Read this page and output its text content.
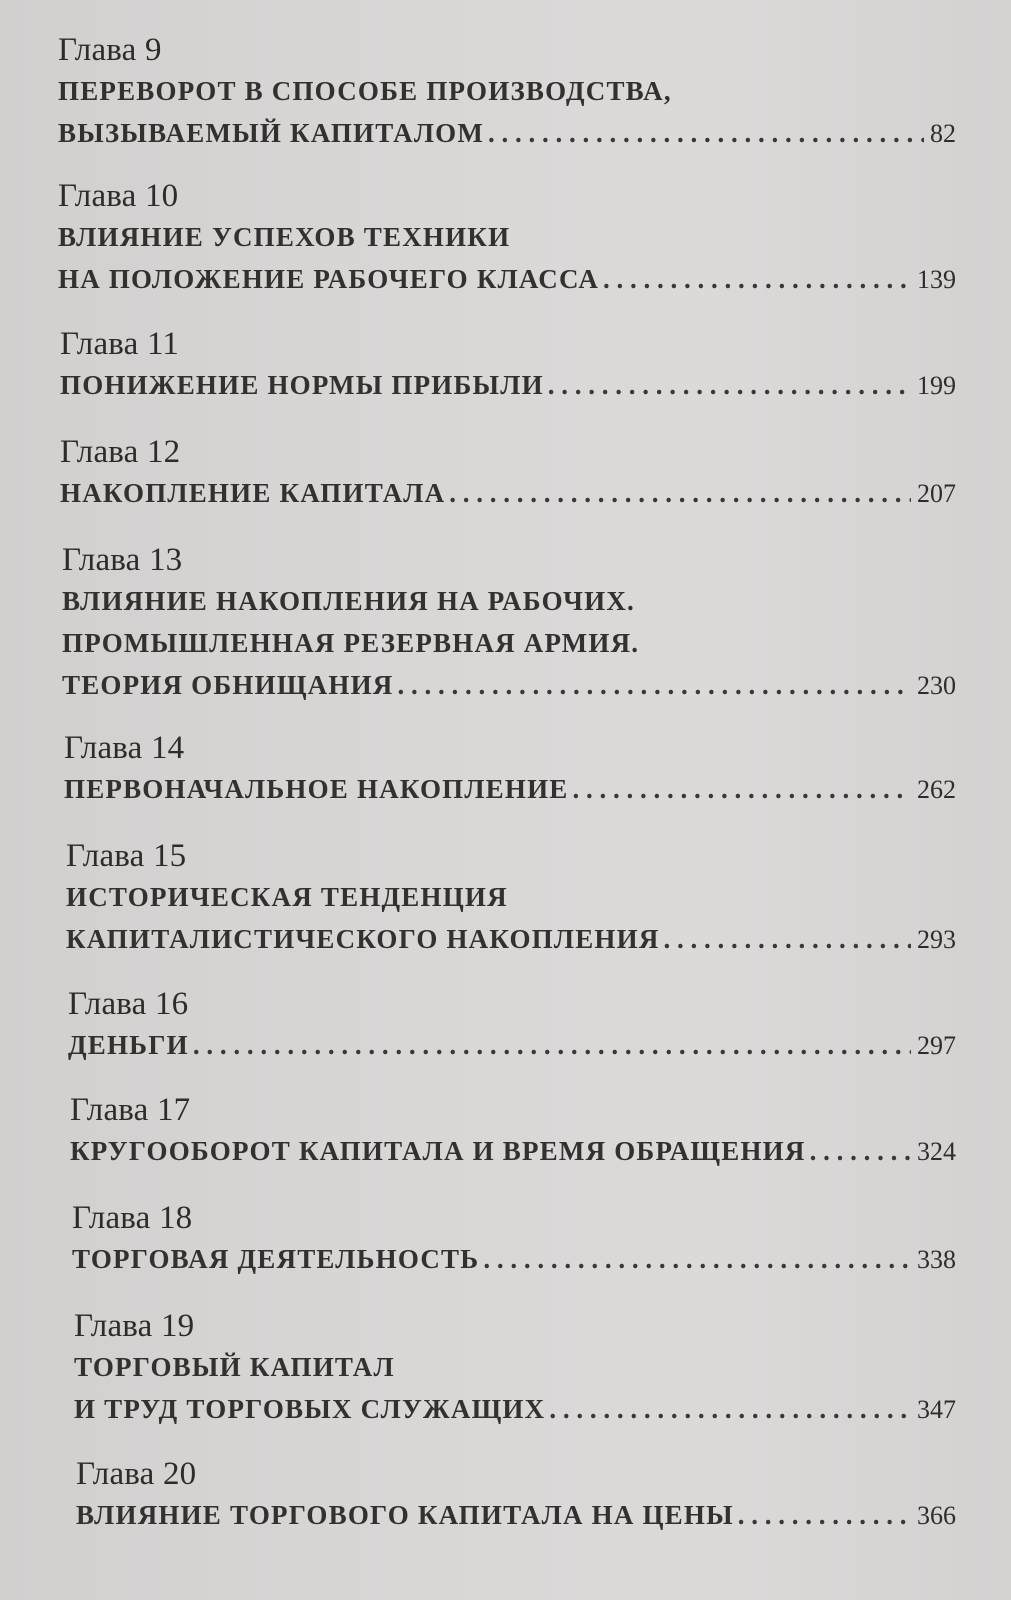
Глава 9
ПЕРЕВОРОТ В СПОСОБЕ ПРОИЗВОДСТВА,
ВЫЗЫВАЕМЫЙ КАПИТАЛОМ . . .	82
Глава 10
ВЛИЯНИЕ УСПЕХОВ ТЕХНИКИ
НА ПОЛОЖЕНИЕ РАБОЧЕГО КЛАССА . . .	139
Глава 11
ПОНИЖЕНИЕ НОРМЫ ПРИБЫЛИ . . .	199
Глава 12
НАКОПЛЕНИЕ КАПИТАЛА . . .	207
Глава 13
ВЛИЯНИЕ НАКОПЛЕНИЯ НА РАБОЧИХ.
ПРОМЫШЛЕННАЯ РЕЗЕРВНАЯ АРМИЯ.
ТЕОРИЯ ОБНИЩАНИЯ . . .	230
Глава 14
ПЕРВОНАЧАЛЬНОЕ НАКОПЛЕНИЕ . . .	262
Глава 15
ИСТОРИЧЕСКАЯ ТЕНДЕНЦИЯ
КАПИТАЛИСТИЧЕСКОГО НАКОПЛЕНИЯ . . .	293
Глава 16
ДЕНЬГИ . . .	297
Глава 17
КРУГООБОРОТ КАПИТАЛА И ВРЕМЯ ОБРАЩЕНИЯ . . .	324
Глава 18
ТОРГОВАЯ ДЕЯТЕЛЬНОСТЬ . . .	338
Глава 19
ТОРГОВЫЙ КАПИТАЛ
И ТРУД ТОРГОВЫХ СЛУЖАЩИХ . . .	347
Глава 20
ВЛИЯНИЕ ТОРГОВОГО КАПИТАЛА НА ЦЕНЫ . . .	366
